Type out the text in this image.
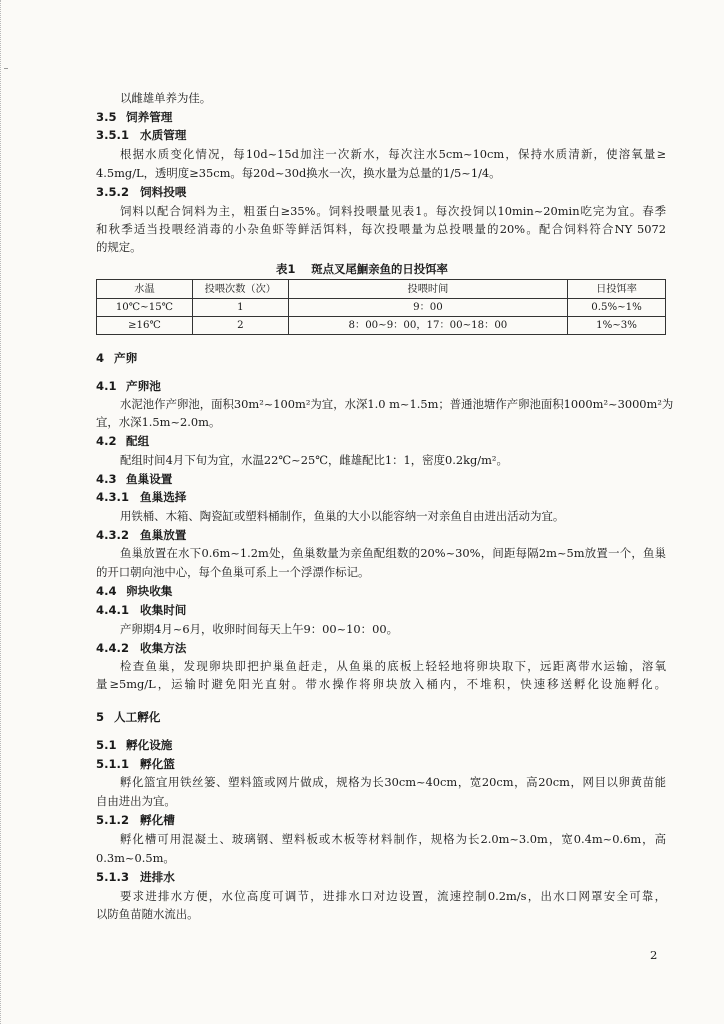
以雌雄单养为佳。
3.5 饲养管理
3.5.1 水质管理
根据水质变化情况，每10d~15d加注一次新水，每次注水5cm~10cm，保持水质清新，使溶氧量≥
4.5mg/L，透明度≥35cm。每20d~30d换水一次，换水量为总量的1/5~1/4。
3.5.2 饲料投喂
饲料以配合饲料为主，粗蛋白≥35%。饲料投喂量见表1。每次投饲以10min~20min吃完为宜。春季
和秋季适当投喂经消毒的小杂鱼虾等鲜活饵料，每次投喂量为总投喂量的20%。配合饲料符合NY 5072
的规定。
表1 斑点叉尾鮰亲鱼的日投饵率
水温	投喂次数（次）	投喂时间	日投饵率
10℃~15℃	1	9：00	0.5%~1%
≥16℃	2	8：00~9：00，17：00~18：00	1%~3%
4 产卵
4.1 产卵池
水泥池作产卵池，面积30m²~100m²为宜，水深1.0 m~1.5m；普通池塘作产卵池面积1000m²~3000m²为
宜，水深1.5m~2.0m。
4.2 配组
配组时间4月下旬为宜，水温22℃~25℃，雌雄配比1：1，密度0.2kg/m²。
4.3 鱼巢设置
4.3.1 鱼巢选择
用铁桶、木箱、陶瓷缸或塑料桶制作，鱼巢的大小以能容纳一对亲鱼自由进出活动为宜。
4.3.2 鱼巢放置
鱼巢放置在水下0.6m~1.2m处，鱼巢数量为亲鱼配组数的20%~30%，间距每隔2m~5m放置一个，鱼巢
的开口朝向池中心，每个鱼巢可系上一个浮漂作标记。
4.4 卵块收集
4.4.1 收集时间
产卵期4月~6月，收卵时间每天上午9：00~10：00。
4.4.2 收集方法
检查鱼巢，发现卵块即把护巢鱼赶走，从鱼巢的底板上轻轻地将卵块取下，远距离带水运输，溶氧
量≥5mg/L，运输时避免阳光直射。带水操作将卵块放入桶内，不堆积，快速移送孵化设施孵化。
5 人工孵化
5.1 孵化设施
5.1.1 孵化篮
孵化篮宜用铁丝篓、塑料篮或网片做成，规格为长30cm~40cm，宽20cm，高20cm，网目以卵黄苗能
自由进出为宜。
5.1.2 孵化槽
孵化槽可用混凝土、玻璃钢、塑料板或木板等材料制作，规格为长2.0m~3.0m，宽0.4m~0.6m，高
0.3m~0.5m。
5.1.3 进排水
要求进排水方便，水位高度可调节，进排水口对边设置，流速控制0.2m/s，出水口网罩安全可靠，
以防鱼苗随水流出。
2
